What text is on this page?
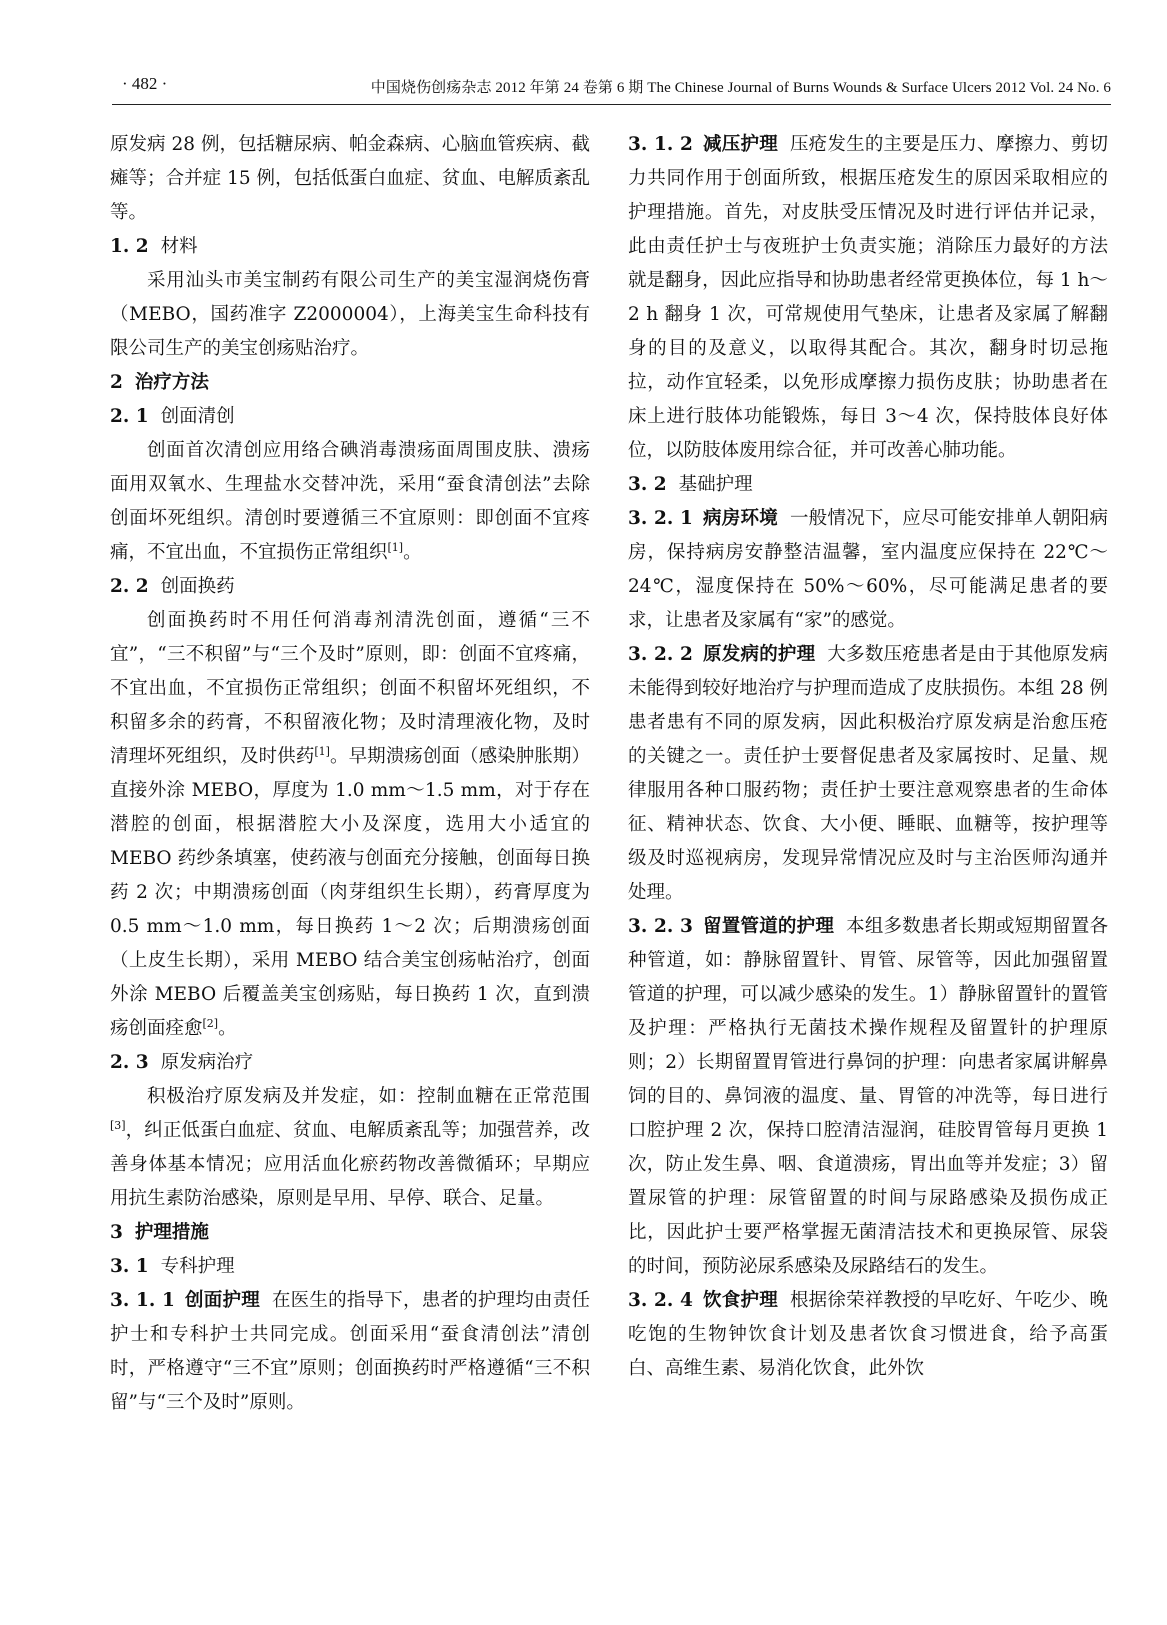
· 482 ·	中国烧伤创疡杂志 2012 年第 24 卷第 6 期 The Chinese Journal of Burns Wounds & Surface Ulcers 2012 Vol. 24 No. 6

原发病 28 例，包括糖尿病、帕金森病、心脑血管疾病、截瘫等；合并症 15 例，包括低蛋白血症、贫血、电解质紊乱等。

1. 2 材料

采用汕头市美宝制药有限公司生产的美宝湿润烧伤膏（MEBO，国药准字 Z2000004），上海美宝生命科技有限公司生产的美宝创疡贴治疗。

2 治疗方法

2. 1 创面清创

创面首次清创应用络合碘消毒溃疡面周围皮肤、溃疡面用双氧水、生理盐水交替冲洗，采用“蚕食清创法”去除创面坏死组织。清创时要遵循三不宜原则：即创面不宜疼痛，不宜出血，不宜损伤正常组织[1]。

2. 2 创面换药

创面换药时不用任何消毒剂清洗创面，遵循“三不宜”，“三不积留”与“三个及时”原则，即：创面不宜疼痛，不宜出血，不宜损伤正常组织；创面不积留坏死组织，不积留多余的药膏，不积留液化物；及时清理液化物，及时清理坏死组织，及时供药[1]。早期溃疡创面（感染肿胀期）直接外涂 MEBO，厚度为 1.0 mm～1.5 mm，对于存在潜腔的创面，根据潜腔大小及深度，选用大小适宜的 MEBO 药纱条填塞，使药液与创面充分接触，创面每日换药 2 次；中期溃疡创面（肉芽组织生长期），药膏厚度为 0.5 mm～1.0 mm，每日换药 1～2 次；后期溃疡创面（上皮生长期），采用 MEBO 结合美宝创疡帖治疗，创面外涂 MEBO 后覆盖美宝创疡贴，每日换药 1 次，直到溃疡创面痊愈[2]。

2. 3 原发病治疗

积极治疗原发病及并发症，如：控制血糖在正常范围[3]，纠正低蛋白血症、贫血、电解质紊乱等；加强营养，改善身体基本情况；应用活血化瘀药物改善微循环；早期应用抗生素防治感染，原则是早用、早停、联合、足量。

3 护理措施

3. 1 专科护理

3. 1. 1 创面护理 在医生的指导下，患者的护理均由责任护士和专科护士共同完成。创面采用“蚕食清创法”清创时，严格遵守“三不宜”原则；创面换药时严格遵循“三不积留”与“三个及时”原则。

3. 1. 2 减压护理 压疮发生的主要是压力、摩擦力、剪切力共同作用于创面所致，根据压疮发生的原因采取相应的护理措施。首先，对皮肤受压情况及时进行评估并记录，此由责任护士与夜班护士负责实施；消除压力最好的方法就是翻身，因此应指导和协助患者经常更换体位，每 1 h～2 h 翻身 1 次，可常规使用气垫床，让患者及家属了解翻身的目的及意义，以取得其配合。其次，翻身时切忌拖拉，动作宜轻柔，以免形成摩擦力损伤皮肤；协助患者在床上进行肢体功能锻炼，每日 3～4 次，保持肢体良好体位，以防肢体废用综合征，并可改善心肺功能。

3. 2 基础护理

3. 2. 1 病房环境 一般情况下，应尽可能安排单人朝阳病房，保持病房安静整洁温馨，室内温度应保持在 22℃～24℃，湿度保持在 50%～60%，尽可能满足患者的要求，让患者及家属有“家”的感觉。

3. 2. 2 原发病的护理 大多数压疮患者是由于其他原发病未能得到较好地治疗与护理而造成了皮肤损伤。本组 28 例患者患有不同的原发病，因此积极治疗原发病是治愈压疮的关键之一。责任护士要督促患者及家属按时、足量、规律服用各种口服药物；责任护士要注意观察患者的生命体征、精神状态、饮食、大小便、睡眠、血糖等，按护理等级及时巡视病房，发现异常情况应及时与主治医师沟通并处理。

3. 2. 3 留置管道的护理 本组多数患者长期或短期留置各种管道，如：静脉留置针、胃管、尿管等，因此加强留置管道的护理，可以减少感染的发生。1）静脉留置针的置管及护理：严格执行无菌技术操作规程及留置针的护理原则；2）长期留置胃管进行鼻饲的护理：向患者家属讲解鼻饲的目的、鼻饲液的温度、量、胃管的冲洗等，每日进行口腔护理 2 次，保持口腔清洁湿润，硅胶胃管每月更换 1 次，防止发生鼻、咽、食道溃疡，胃出血等并发症；3）留置尿管的护理：尿管留置的时间与尿路感染及损伤成正比，因此护士要严格掌握无菌清洁技术和更换尿管、尿袋的时间，预防泌尿系感染及尿路结石的发生。

3. 2. 4 饮食护理 根据徐荣祥教授的早吃好、午吃少、晚吃饱的生物钟饮食计划及患者饮食习惯进食，给予高蛋白、高维生素、易消化饮食，此外饮
